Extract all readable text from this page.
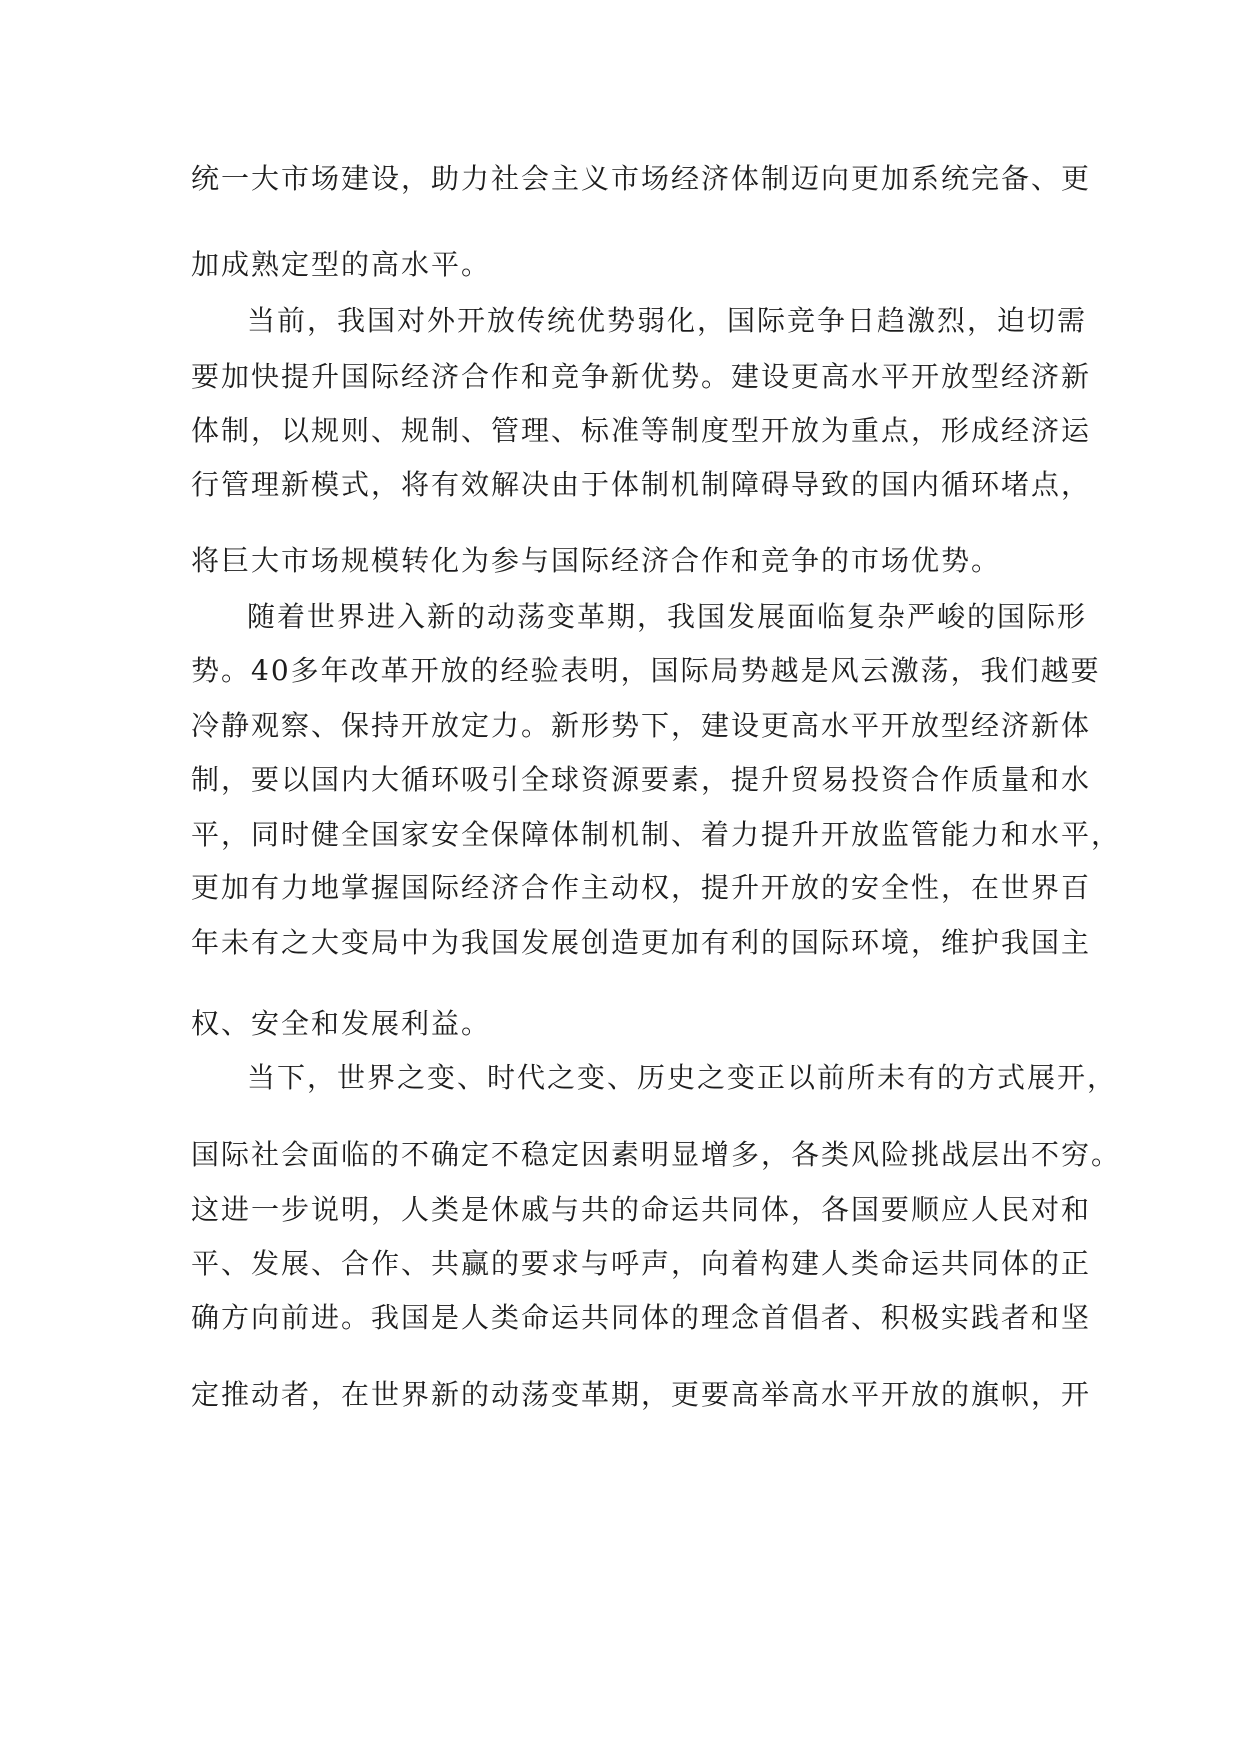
统一大市场建设，助力社会主义市场经济体制迈向更加系统完备、更
加成熟定型的高水平。
当前，我国对外开放传统优势弱化，国际竞争日趋激烈，迫切需
要加快提升国际经济合作和竞争新优势。建设更高水平开放型经济新
体制，以规则、规制、管理、标准等制度型开放为重点，形成经济运
行管理新模式，将有效解决由于体制机制障碍导致的国内循环堵点，
将巨大市场规模转化为参与国际经济合作和竞争的市场优势。
随着世界进入新的动荡变革期，我国发展面临复杂严峻的国际形
势。40多年改革开放的经验表明，国际局势越是风云激荡，我们越要
冷静观察、保持开放定力。新形势下，建设更高水平开放型经济新体
制，要以国内大循环吸引全球资源要素，提升贸易投资合作质量和水
平，同时健全国家安全保障体制机制、着力提升开放监管能力和水平，
更加有力地掌握国际经济合作主动权，提升开放的安全性，在世界百
年未有之大变局中为我国发展创造更加有利的国际环境，维护我国主
权、安全和发展利益。
当下，世界之变、时代之变、历史之变正以前所未有的方式展开，
国际社会面临的不确定不稳定因素明显增多，各类风险挑战层出不穷。
这进一步说明，人类是休戚与共的命运共同体，各国要顺应人民对和
平、发展、合作、共赢的要求与呼声，向着构建人类命运共同体的正
确方向前进。我国是人类命运共同体的理念首倡者、积极实践者和坚
定推动者，在世界新的动荡变革期，更要高举高水平开放的旗帜，开
